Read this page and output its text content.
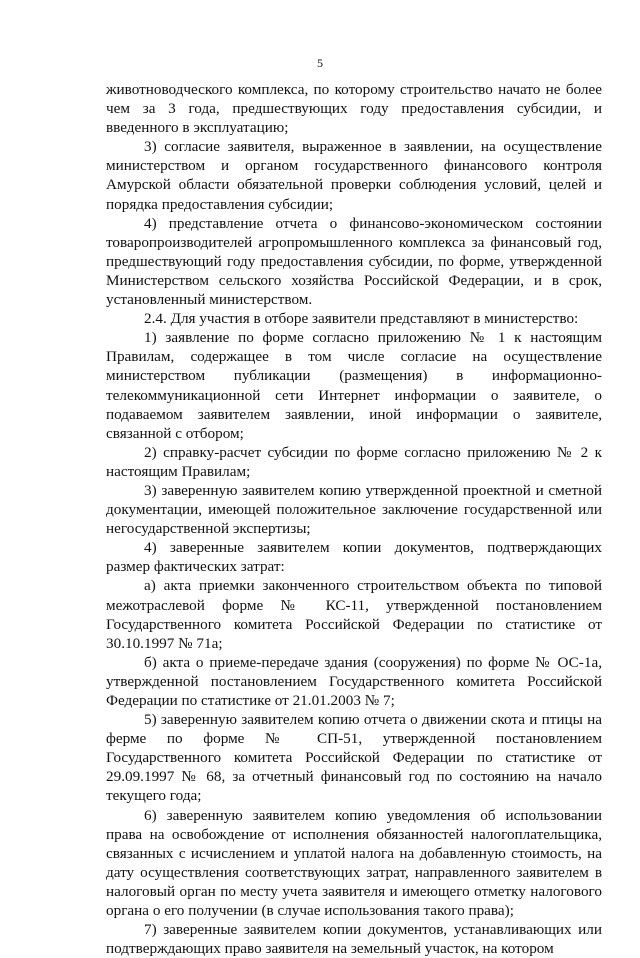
5

животноводческого комплекса, по которому строительство начато не более чем за 3 года, предшествующих году предоставления субсидии, и введенного в эксплуатацию;

3) согласие заявителя, выраженное в заявлении, на осуществление министерством и органом государственного финансового контроля Амурской области обязательной проверки соблюдения условий, целей и порядка предоставления субсидии;

4) представление отчета о финансово-экономическом состоянии товаропроизводителей агропромышленного комплекса за финансовый год, предшествующий году предоставления субсидии, по форме, утвержденной Министерством сельского хозяйства Российской Федерации, и в срок, установленный министерством.

2.4. Для участия в отборе заявители представляют в министерство:

1) заявление по форме согласно приложению № 1 к настоящим Правилам, содержащее в том числе согласие на осуществление министерством публикации (размещения) в информационно-телекоммуникационной сети Интернет информации о заявителе, о подаваемом заявителем заявлении, иной информации о заявителе, связанной с отбором;

2) справку-расчет субсидии по форме согласно приложению № 2 к настоящим Правилам;

3) заверенную заявителем копию утвержденной проектной и сметной документации, имеющей положительное заключение государственной или негосударственной экспертизы;

4) заверенные заявителем копии документов, подтверждающих размер фактических затрат:

а) акта приемки законченного строительством объекта по типовой межотраслевой форме № КС-11, утвержденной постановлением Государственного комитета Российской Федерации по статистике от 30.10.1997 № 71а;

б) акта о приеме-передаче здания (сооружения) по форме № ОС-1а, утвержденной постановлением Государственного комитета Российской Федерации по статистике от 21.01.2003 № 7;

5) заверенную заявителем копию отчета о движении скота и птицы на ферме по форме № СП-51, утвержденной постановлением Государственного комитета Российской Федерации по статистике от 29.09.1997 № 68, за отчетный финансовый год по состоянию на начало текущего года;

6) заверенную заявителем копию уведомления об использовании права на освобождение от исполнения обязанностей налогоплательщика, связанных с исчислением и уплатой налога на добавленную стоимость, на дату осуществления соответствующих затрат, направленного заявителем в налоговый орган по месту учета заявителя и имеющего отметку налогового органа о его получении (в случае использования такого права);

7) заверенные заявителем копии документов, устанавливающих или подтверждающих право заявителя на земельный участок, на котором
